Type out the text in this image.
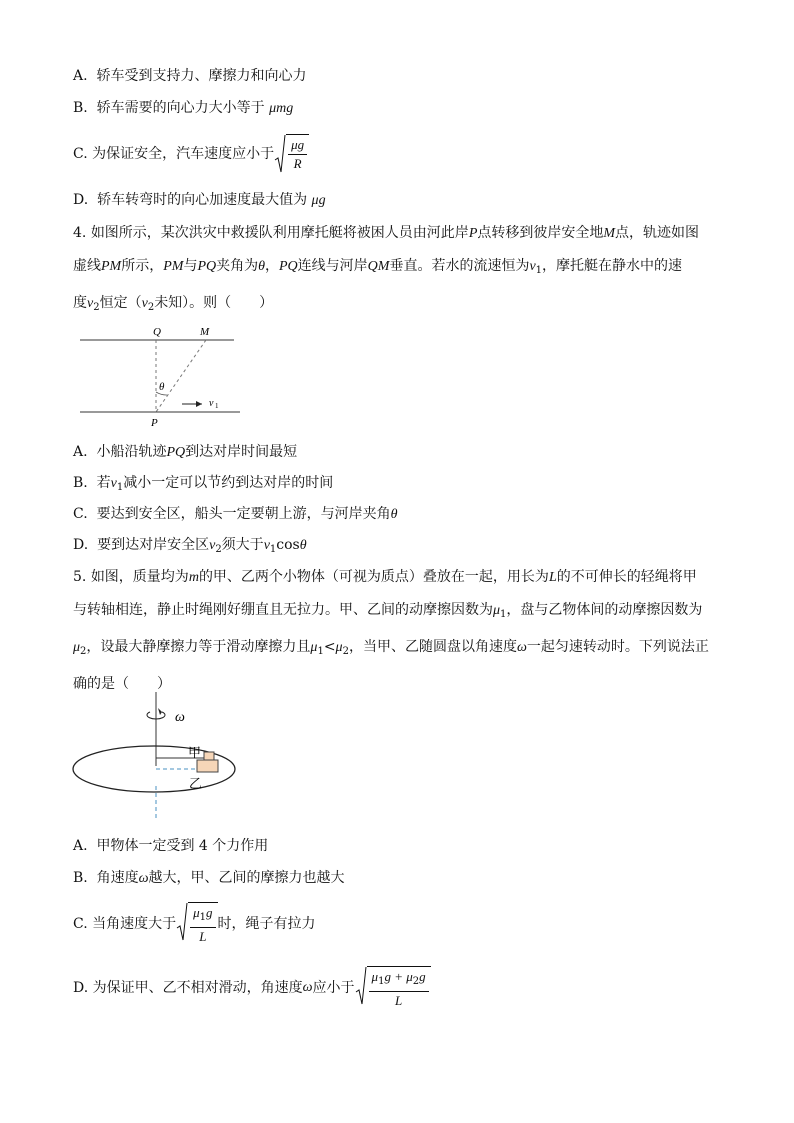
A. 轿车受到支持力、摩擦力和向心力
B. 轿车需要的向心力大小等于 μmg
C.
为保证安全，汽车速度应小于 $\frac{\mu g}{R}$
D. 轿车转弯时的向心加速度最大值为 μg
4. 如图所示，某次洪灾中救援队利用摩托艇将被困人员由河此岸P点转移到彼岸安全地M点，轨迹如图
虚线PM所示，PM与PQ夹角为θ，PQ连线与河岸QM垂直。若水的流速恒为$v_1$，摩托艇在静水中的速
度$v_2$恒定（$v_2$未知）。则（　　）
Q	M
θ
P
v 1
A. 小船沿轨迹PQ到达对岸时间最短
B. 若$v_1$减小一定可以节约到达对岸的时间
C. 要达到安全区，船头一定要朝上游，与河岸夹角θ
D. 要到达对岸安全区$v_2$须大于$v_1\cos\theta$
5. 如图，质量均为m的甲、乙两个小物体（可视为质点）叠放在一起，用长为L的不可伸长的轻绳将甲
与转轴相连，静止时绳刚好绷直且无拉力。甲、乙间的动摩擦因数为$\mu_1$，盘与乙物体间的动摩擦因数为
$\mu_2$，设最大静摩擦力等于滑动摩擦力且$\mu_1<\mu_2$，当甲、乙随圆盘以角速度ω一起匀速转动时。下列说法正
确的是（　　）
ω
甲
乙
A. 甲物体一定受到 4 个力作用
B. 角速度ω越大，甲、乙间的摩擦力也越大
C.
当角速度大于 $\frac{\mu_1g}{L}$ 时，绳子有拉力
D.
为保证甲、乙不相对滑动，角速度 ω 应小于 $\frac{\mu_1g + \mu_2g}{L}$
